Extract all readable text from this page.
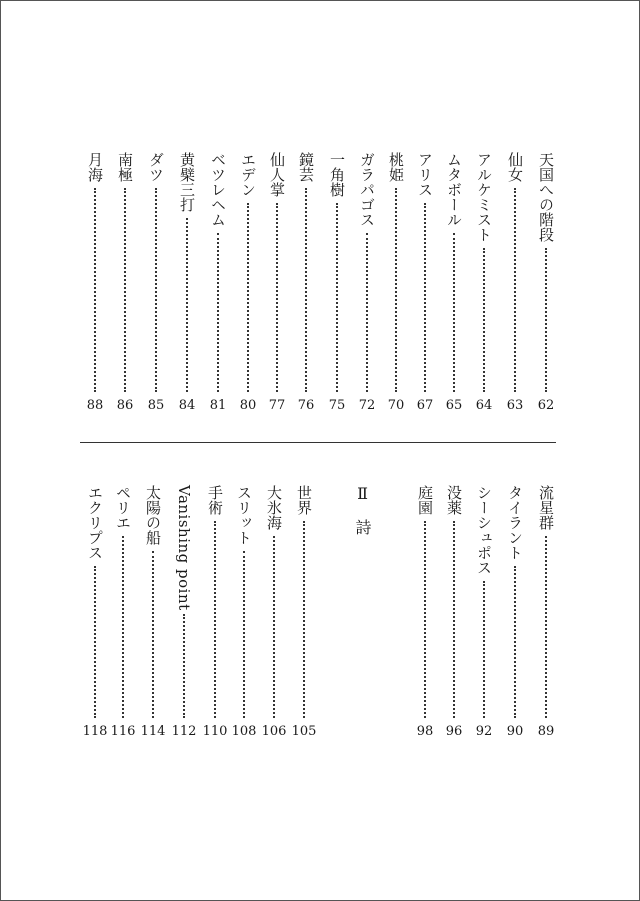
天国への階段
62
仙女
63
アルケミスト
64
ムタボール
65
アリス
67
桃姫
70
ガラパゴス
72
一角樹
75
鏡芸
76
仙人掌
77
エデン
80
ベツレヘム
81
黄檗三打
84
ダツ
85
南極
86
月海
88
流星群
89
タイラント
90
シーシュポス
92
没薬
96
庭園
98
世界
105
大氷海
106
スリット
108
手術
110
Vanishing point
112
太陽の船
114
ペリエ
116
エクリプス
118
Ⅱ　詩
